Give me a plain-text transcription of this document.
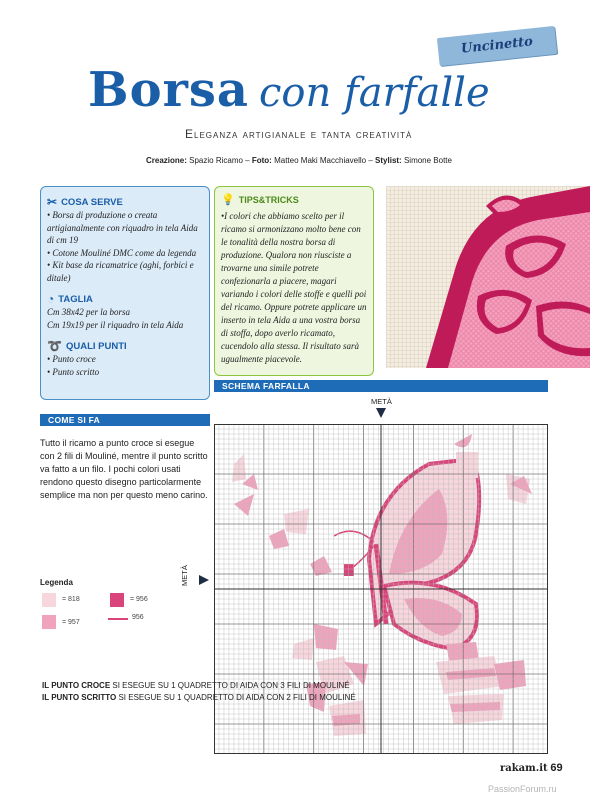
Uncinetto
Borsa con farfalle
Eleganza artigianale e tanta creatività
Creazione: Spazio Ricamo – Foto: Matteo Maki Macchiavello – Stylist: Simone Botte
✂ COSA SERVE
• Borsa di produzione o creata artigianalmente con riquadro in tela Aida di cm 19
• Cotone Mouliné DMC come da legenda
• Kit base da ricamatrice (aghi, forbici e ditale)
◔ TAGLIA
Cm 38x42 per la borsa
Cm 19x19 per il riquadro in tela Aida
➰ QUALI PUNTI
• Punto croce
• Punto scritto
💡 TIPS&TRICKS
•I colori che abbiamo scelto per il ricamo si armonizzano molto bene con le tonalità della nostra borsa di produzione. Qualora non riusciste a trovarne una simile potrete confezionarla a piacere, magari variando i colori delle stoffe e quelli poi del ricamo. Oppure potrete applicare un inserto in tela Aida a una vostra borsa di stoffa, dopo averlo ricamato, cucendolo alla stessa. Il risultato sarà ugualmente piacevole.
SCHEMA FARFALLA
COME SI FA
Tutto il ricamo a punto croce si esegue con 2 fili di Mouliné, mentre il punto scritto va fatto a un filo. I pochi colori usati rendono questo disegno particolarmente semplice ma non per questo meno carino.
METÀ
METÀ
Legenda
= 818
= 957
= 956
956
IL PUNTO CROCE SI ESEGUE SU 1 QUADRETTO DI AIDA CON 3 FILI DI MOULINÉ
IL PUNTO SCRITTO SI ESEGUE SU 1 QUADRETTO DI AIDA CON 2 FILI DI MOULINÉ
rakam.it 69
PassionForum.ru
